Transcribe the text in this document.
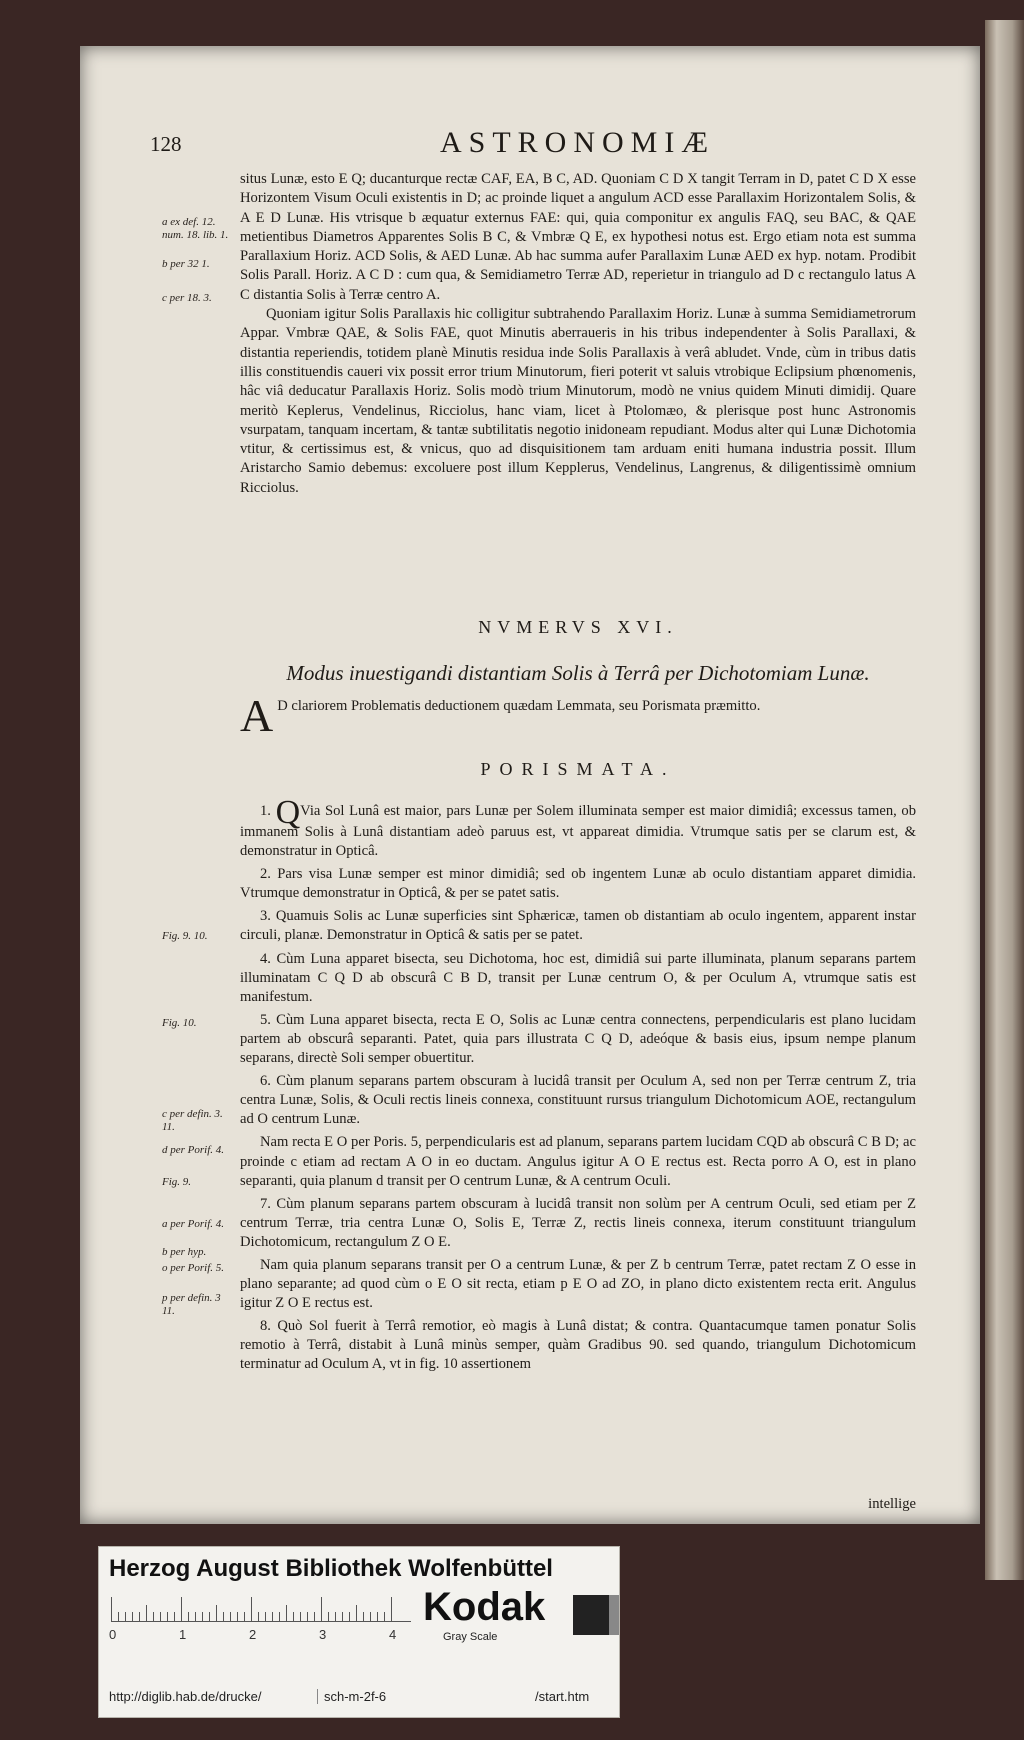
128	ASTRONOMIÆ
a ex def. 12. num. 18. lib. 1.
b per 32 1.
c per 18. 3.
Fig. 9. 10.
Fig. 10.
c per defin. 3. 11.
d per Porif. 4.
Fig. 9.
a per Porif. 4.
b per hyp.
o per Porif. 5.
p per defin. 3 11.

situs Lunæ, esto E Q; ducanturque rectæ CAF, EA, B C, AD. Quoniam C D X tangit Terram in D, patet C D X esse Horizontem Visum Oculi existentis in D; ac proinde liquet a angulum ACD esse Parallaxim Horizontalem Solis, & A E D Lunæ. His vtrisque b æquatur externus FAE: qui, quia componitur ex angulis FAQ, seu BAC, & QAE metientibus Diametros Apparentes Solis B C, & Vmbræ Q E, ex hypothesi notus est. Ergo etiam nota est summa Parallaxium Horiz. ACD Solis, & AED Lunæ. Ab hac summa aufer Parallaxim Lunæ AED ex hyp. notam. Prodibit Solis Parall. Horiz. A C D : cum qua, & Semidiametro Terræ AD, reperietur in triangulo ad D c rectangulo latus A C distantia Solis à Terræ centro A.

Quoniam igitur Solis Parallaxis hic colligitur subtrahendo Parallaxim Horiz. Lunæ à summa Semidiametrorum Appar. Vmbræ QAE, & Solis FAE, quot Minutis aberraueris in his tribus independenter à Solis Parallaxi, & distantia reperiendis, totidem planè Minutis residua inde Solis Parallaxis à verâ abludet. Vnde, cùm in tribus datis illis constituendis caueri vix possit error trium Minutorum, fieri poterit vt saluis vtrobique Eclipsium phœnomenis, hâc viâ deducatur Parallaxis Horiz. Solis modò trium Minutorum, modò ne vnius quidem Minuti dimidij. Quare meritò Keplerus, Vendelinus, Ricciolus, hanc viam, licet à Ptolomæo, & plerisque post hunc Astronomis vsurpatam, tanquam incertam, & tantæ subtilitatis negotio inidoneam repudiant. Modus alter qui Lunæ Dichotomia vtitur, & certissimus est, & vnicus, quo ad disquisitionem tam arduam eniti humana industria possit. Illum Aristarcho Samio debemus: excoluere post illum Kepplerus, Vendelinus, Langrenus, & diligentissimè omnium Ricciolus.

NVMERVS XVI.
Modus inuestigandi distantiam Solis à Terrâ per Dichotomiam Lunæ.
A D clariorem Problematis deductionem quædam Lemmata, seu Porismata præmitto.
PORISMATA.

1. QVia Sol Lunâ est maior, pars Lunæ per Solem illuminata semper est maior dimidiâ; excessus tamen, ob immanem Solis à Lunâ distantiam adeò paruus est, vt appareat dimidia. Vtrumque satis per se clarum est, & demonstratur in Opticâ.

2. Pars visa Lunæ semper est minor dimidiâ; sed ob ingentem Lunæ ab oculo distantiam apparet dimidia. Vtrumque demonstratur in Opticâ, & per se patet satis.

3. Quamuis Solis ac Lunæ superficies sint Sphæricæ, tamen ob distantiam ab oculo ingentem, apparent instar circuli, planæ. Demonstratur in Opticâ & satis per se patet.

4. Cùm Luna apparet bisecta, seu Dichotoma, hoc est, dimidiâ sui parte illuminata, planum separans partem illuminatam C Q D ab obscurâ C B D, transit per Lunæ centrum O, & per Oculum A, vtrumque satis est manifestum.

5. Cùm Luna apparet bisecta, recta E O, Solis ac Lunæ centra connectens, perpendicularis est plano lucidam partem ab obscurâ separanti. Patet, quia pars illustrata C Q D, adeóque & basis eius, ipsum nempe planum separans, directè Soli semper obuertitur.

6. Cùm planum separans partem obscuram à lucidâ transit per Oculum A, sed non per Terræ centrum Z, tria centra Lunæ, Solis, & Oculi rectis lineis connexa, constituunt rursus triangulum Dichotomicum AOE, rectangulum ad O centrum Lunæ.

Nam recta E O per Poris. 5, perpendicularis est ad planum, separans partem lucidam CQD ab obscurâ C B D; ac proinde c etiam ad rectam A O in eo ductam. Angulus igitur A O E rectus est. Recta porro A O, est in plano separanti, quia planum d transit per O centrum Lunæ, & A centrum Oculi.

7. Cùm planum separans partem obscuram à lucidâ transit non solùm per A centrum Oculi, sed etiam per Z centrum Terræ, tria centra Lunæ O, Solis E, Terræ Z, rectis lineis connexa, iterum constituunt triangulum Dichotomicum, rectangulum Z O E.

Nam quia planum separans transit per O a centrum Lunæ, & per Z b centrum Terræ, patet rectam Z O esse in plano separante; ad quod cùm o E O sit recta, etiam p E O ad ZO, in plano dicto existentem recta erit. Angulus igitur Z O E rectus est.

8. Quò Sol fuerit à Terrâ remotior, eò magis à Lunâ distat; & contra. Quantacumque tamen ponatur Solis remotio à Terrâ, distabit à Lunâ minùs semper, quàm Gradibus 90. sed quando, triangulum Dichotomicum terminatur ad Oculum A, vt in fig. 10 assertionem

intellige
Herzog August Bibliothek Wolfenbüttel
0	1	2	3	4
Kodak
Gray Scale
http://diglib.hab.de/drucke/	sch-m-2f-6	/start.htm
